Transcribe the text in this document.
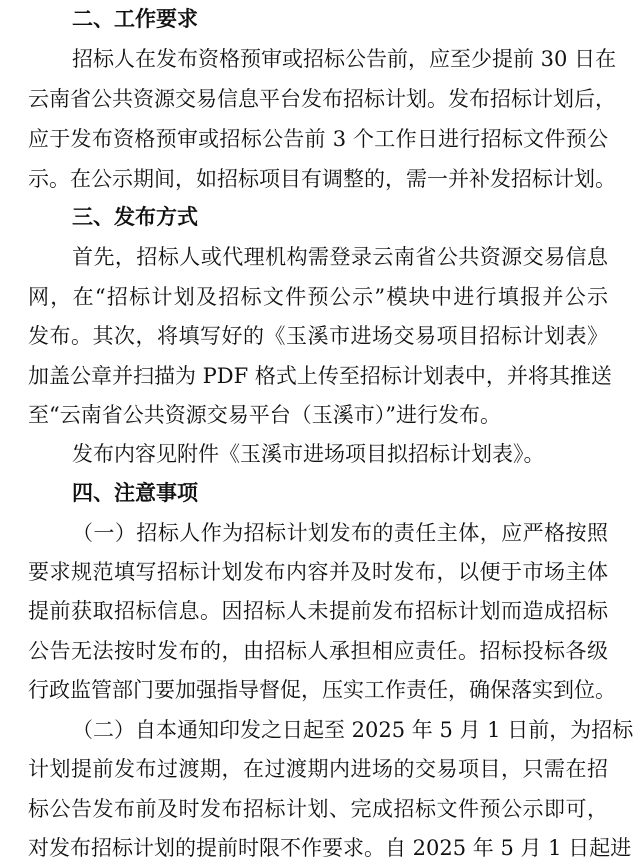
二、工作要求
招标人在发布资格预审或招标公告前，应至少提前 30 日在
云南省公共资源交易信息平台发布招标计划。发布招标计划后，
应于发布资格预审或招标公告前 3 个工作日进行招标文件预公
示。在公示期间，如招标项目有调整的，需一并补发招标计划。
三、发布方式
首先，招标人或代理机构需登录云南省公共资源交易信息
网，在“招标计划及招标文件预公示”模块中进行填报并公示
发布。其次，将填写好的《玉溪市进场交易项目招标计划表》
加盖公章并扫描为 PDF 格式上传至招标计划表中，并将其推送
至“云南省公共资源交易平台（玉溪市）”进行发布。
发布内容见附件《玉溪市进场项目拟招标计划表》。
四、注意事项
（一）招标人作为招标计划发布的责任主体，应严格按照
要求规范填写招标计划发布内容并及时发布，以便于市场主体
提前获取招标信息。因招标人未提前发布招标计划而造成招标
公告无法按时发布的，由招标人承担相应责任。招标投标各级
行政监管部门要加强指导督促，压实工作责任，确保落实到位。
（二）自本通知印发之日起至 2025 年 5 月 1 日前，为招标
计划提前发布过渡期，在过渡期内进场的交易项目，只需在招
标公告发布前及时发布招标计划、完成招标文件预公示即可，
对发布招标计划的提前时限不作要求。自 2025 年 5 月 1 日起进
